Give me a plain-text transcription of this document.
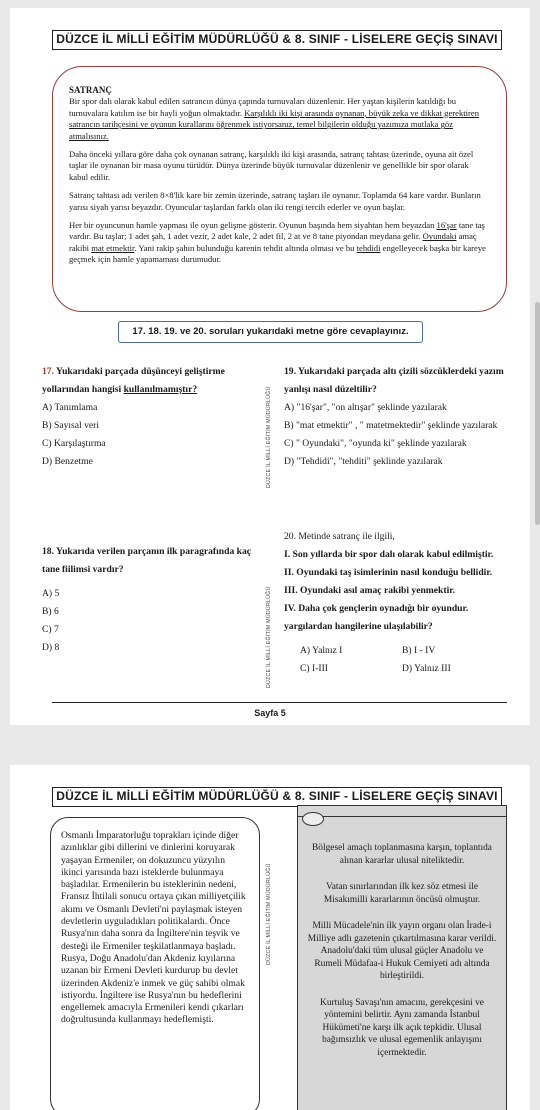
DÜZCE İL MİLLİ EĞİTİM MÜDÜRLÜĞÜ & 8. SINIF - LİSELERE GEÇİŞ SINAVI
SATRANÇ

Bir spor dalı olarak kabul edilen satrancın dünya çapında turnuvaları düzenlenir. Her yaştan kişilerin katıldığı bu turnuvalara katılım ise bir hayli yoğun olmaktadır. Karşılıklı iki kişi arasında oynanan, büyük zeka ve dikkat gerektiren satrancın tarihçesini ve oyunun kurallarını öğrenmek istiyorsanız, temel bilgilerin olduğu yazımıza mutlaka göz atmalısınız.

Daha önceki yıllara göre daha çok oynanan satranç, karşılıklı iki kişi arasında, satranç tahtası üzerinde, oyuna ait özel taşlar ile oynanan bir masa oyunu türüdür. Dünya üzerinde büyük turnuvalar düzenlenir ve genellikle bir spor olarak kabul edilir.

Satranç tahtası adı verilen 8×8'lik kare bir zemin üzerinde, satranç taşları ile oynanır. Toplamda 64 kare vardır. Bunların yarısı siyah yarısı beyazdır. Oyuncular taşlardan farklı olan iki rengi tercih ederler ve oyun başlar.

Her bir oyuncunun hamle yapması ile oyun gelişme gösterir. Oyunun başında hem siyahtan hem beyazdan 16'şar tane taş vardır. Bu taşlar; 1 adet şah, 1 adet vezir, 2 adet kale, 2 adet fil, 2 at ve 8 tane piyondan meydana gelir. Oyundaki amaç rakibi mat etmektir. Yani rakip şahın bulunduğu karenin tehdit altında olması ve bu tehdidi engelleyecek başka bir kareye geçmek için hamle yapamaması durumudur.

17. 18. 19. ve 20. soruları yukarıdaki metne göre cevaplayınız.
DÜZCE İL MİLLİ EĞİTİM MÜDÜRLÜĞÜ
DÜZCE İL MİLLİ EĞİTİM MÜDÜRLÜĞÜ
17. Yukarıdaki parçada düşünceyi geliştirme yollarından hangisi kullanılmamıştır?
A) Tanımlama
B) Sayısal veri
C) Karşılaştırma
D) Benzetme
18. Yukarıda verilen parçanın ilk paragrafında kaç tane fiilimsi vardır?
A) 5
B) 6
C) 7
D) 8
19. Yukarıdaki parçada altı çizili sözcüklerdeki yazım yanlışı nasıl düzeltilir?
A) "16'şar", "on altışar" şeklinde yazılarak
B) "mat etmektir" , " matetmektedir" şeklinde yazılarak
C) " Oyundaki", "oyunda ki" şeklinde yazılarak
D) "Tehdidi", "tehditi" şeklinde yazılarak
20. Metinde satranç ile ilgili,
I. Son yıllarda bir spor dalı olarak kabul edilmiştir.
II. Oyundaki taş isimlerinin nasıl konduğu bellidir.
III. Oyundaki asıl amaç rakibi yenmektir.
IV. Daha çok gençlerin oynadığı bir oyundur.
yargılardan hangilerine ulaşılabilir?
A) Yalnız I	B) I - IV
C) I-III	D) Yalnız III
Sayfa 5
DÜZCE İL MİLLİ EĞİTİM MÜDÜRLÜĞÜ & 8. SINIF - LİSELERE GEÇİŞ SINAVI
Osmanlı İmparatorluğu toprakları içinde diğer azınlıklar gibi dillerini ve dinlerini koruyarak yaşayan Ermeniler, on dokuzuncu yüzyılın ikinci yarısında bazı isteklerde bulunmaya başladılar. Ermenilerin bu isteklerinin nedeni, Fransız İhtilali sonucu ortaya çıkan milliyetçilik akımı ve Osmanlı Devleti'ni paylaşmak isteyen devletlerin uyguladıkları politikalardı. Önce Rusya'nın daha sonra da İngiltere'nin teşvik ve desteği ile Ermeniler teşkilatlanmaya başladı. Rusya, Doğu Anadolu'dan Akdeniz kıyılarına uzanan bir Ermeni Devleti kurdurup bu devlet üzerinden Akdeniz'e inmek ve güç sahibi olmak istiyordu. İngiltere ise Rusya'nın bu hedeflerini engellemek amacıyla Ermenileri kendi çıkarları doğrultusunda kullanmayı hedeflemişti.
DÜZCE İL MİLLİ EĞİTİM MÜDÜRLÜĞÜ

Bölgesel amaçlı toplanmasına karşın, toplantıda alınan kararlar ulusal niteliktedir.

Vatan sınırlarından ilk kez söz etmesi ile Misakımilli kararlarının öncüsü olmuştur.

Milli Mücadele'nin ilk yayın organı olan İrade-i Milliye adlı gazetenin çıkartılmasına karar verildi. Anadolu'daki tüm ulusal güçler Anadolu ve Rumeli Müdafaa-i Hukuk Cemiyeti adı altında birleştirildi.

Kurtuluş Savaşı'nın amacını, gerekçesini ve yöntemini belirtir. Aynı zamanda İstanbul Hükümeti'ne karşı ilk açık tepkidir. Ulusal bağımsızlık ve ulusal egemenlik anlayışını içermektedir.
